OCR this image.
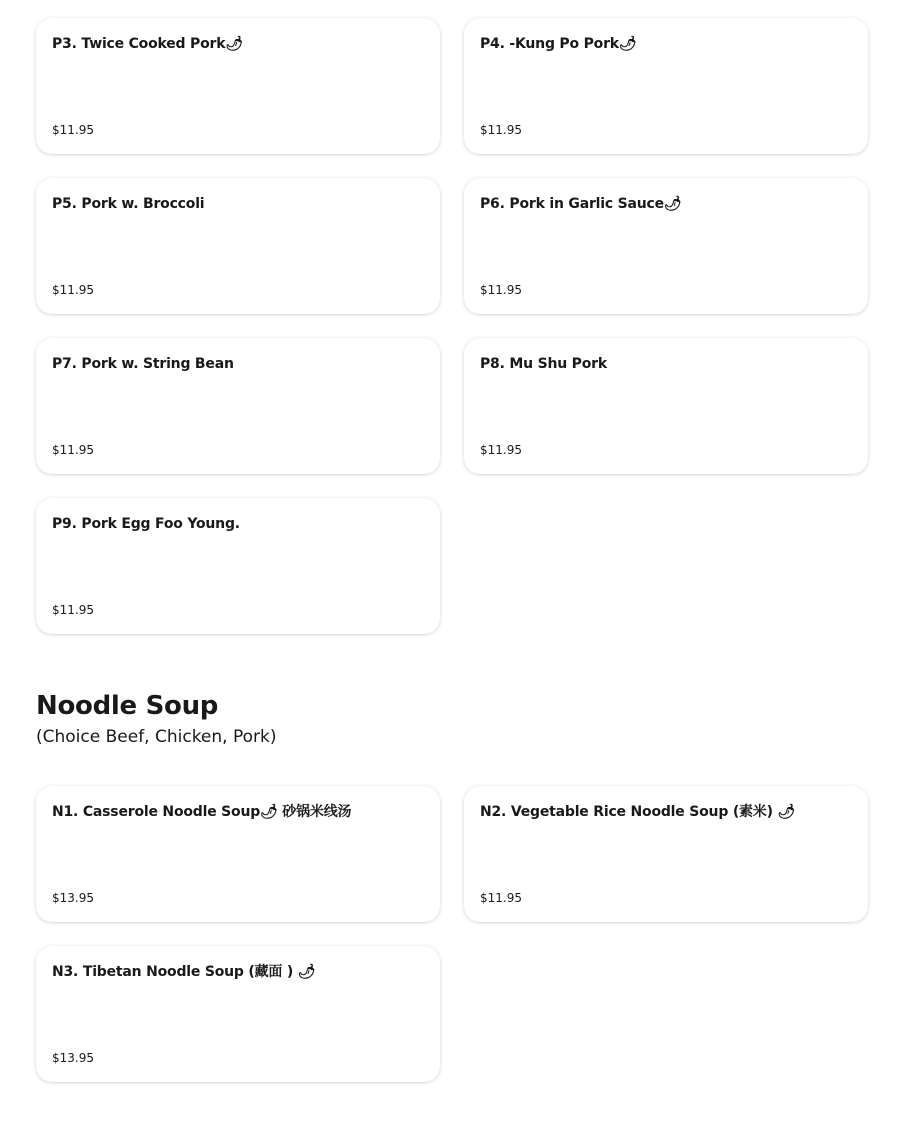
P3. Twice Cooked Pork🌶
$11.95
P4. -Kung Po Pork🌶
$11.95
P5. Pork w. Broccoli
$11.95
P6. Pork in Garlic Sauce🌶
$11.95
P7. Pork w. String Bean
$11.95
P8. Mu Shu Pork
$11.95
P9. Pork Egg Foo Young.
$11.95
Noodle Soup

(Choice Beef, Chicken, Pork)

N1. Casserole Noodle Soup🌶 砂锅米线汤
$13.95
N2. Vegetable Rice Noodle Soup (素米) 🌶
$11.95
N3. Tibetan Noodle Soup (藏面 ) 🌶
$13.95
